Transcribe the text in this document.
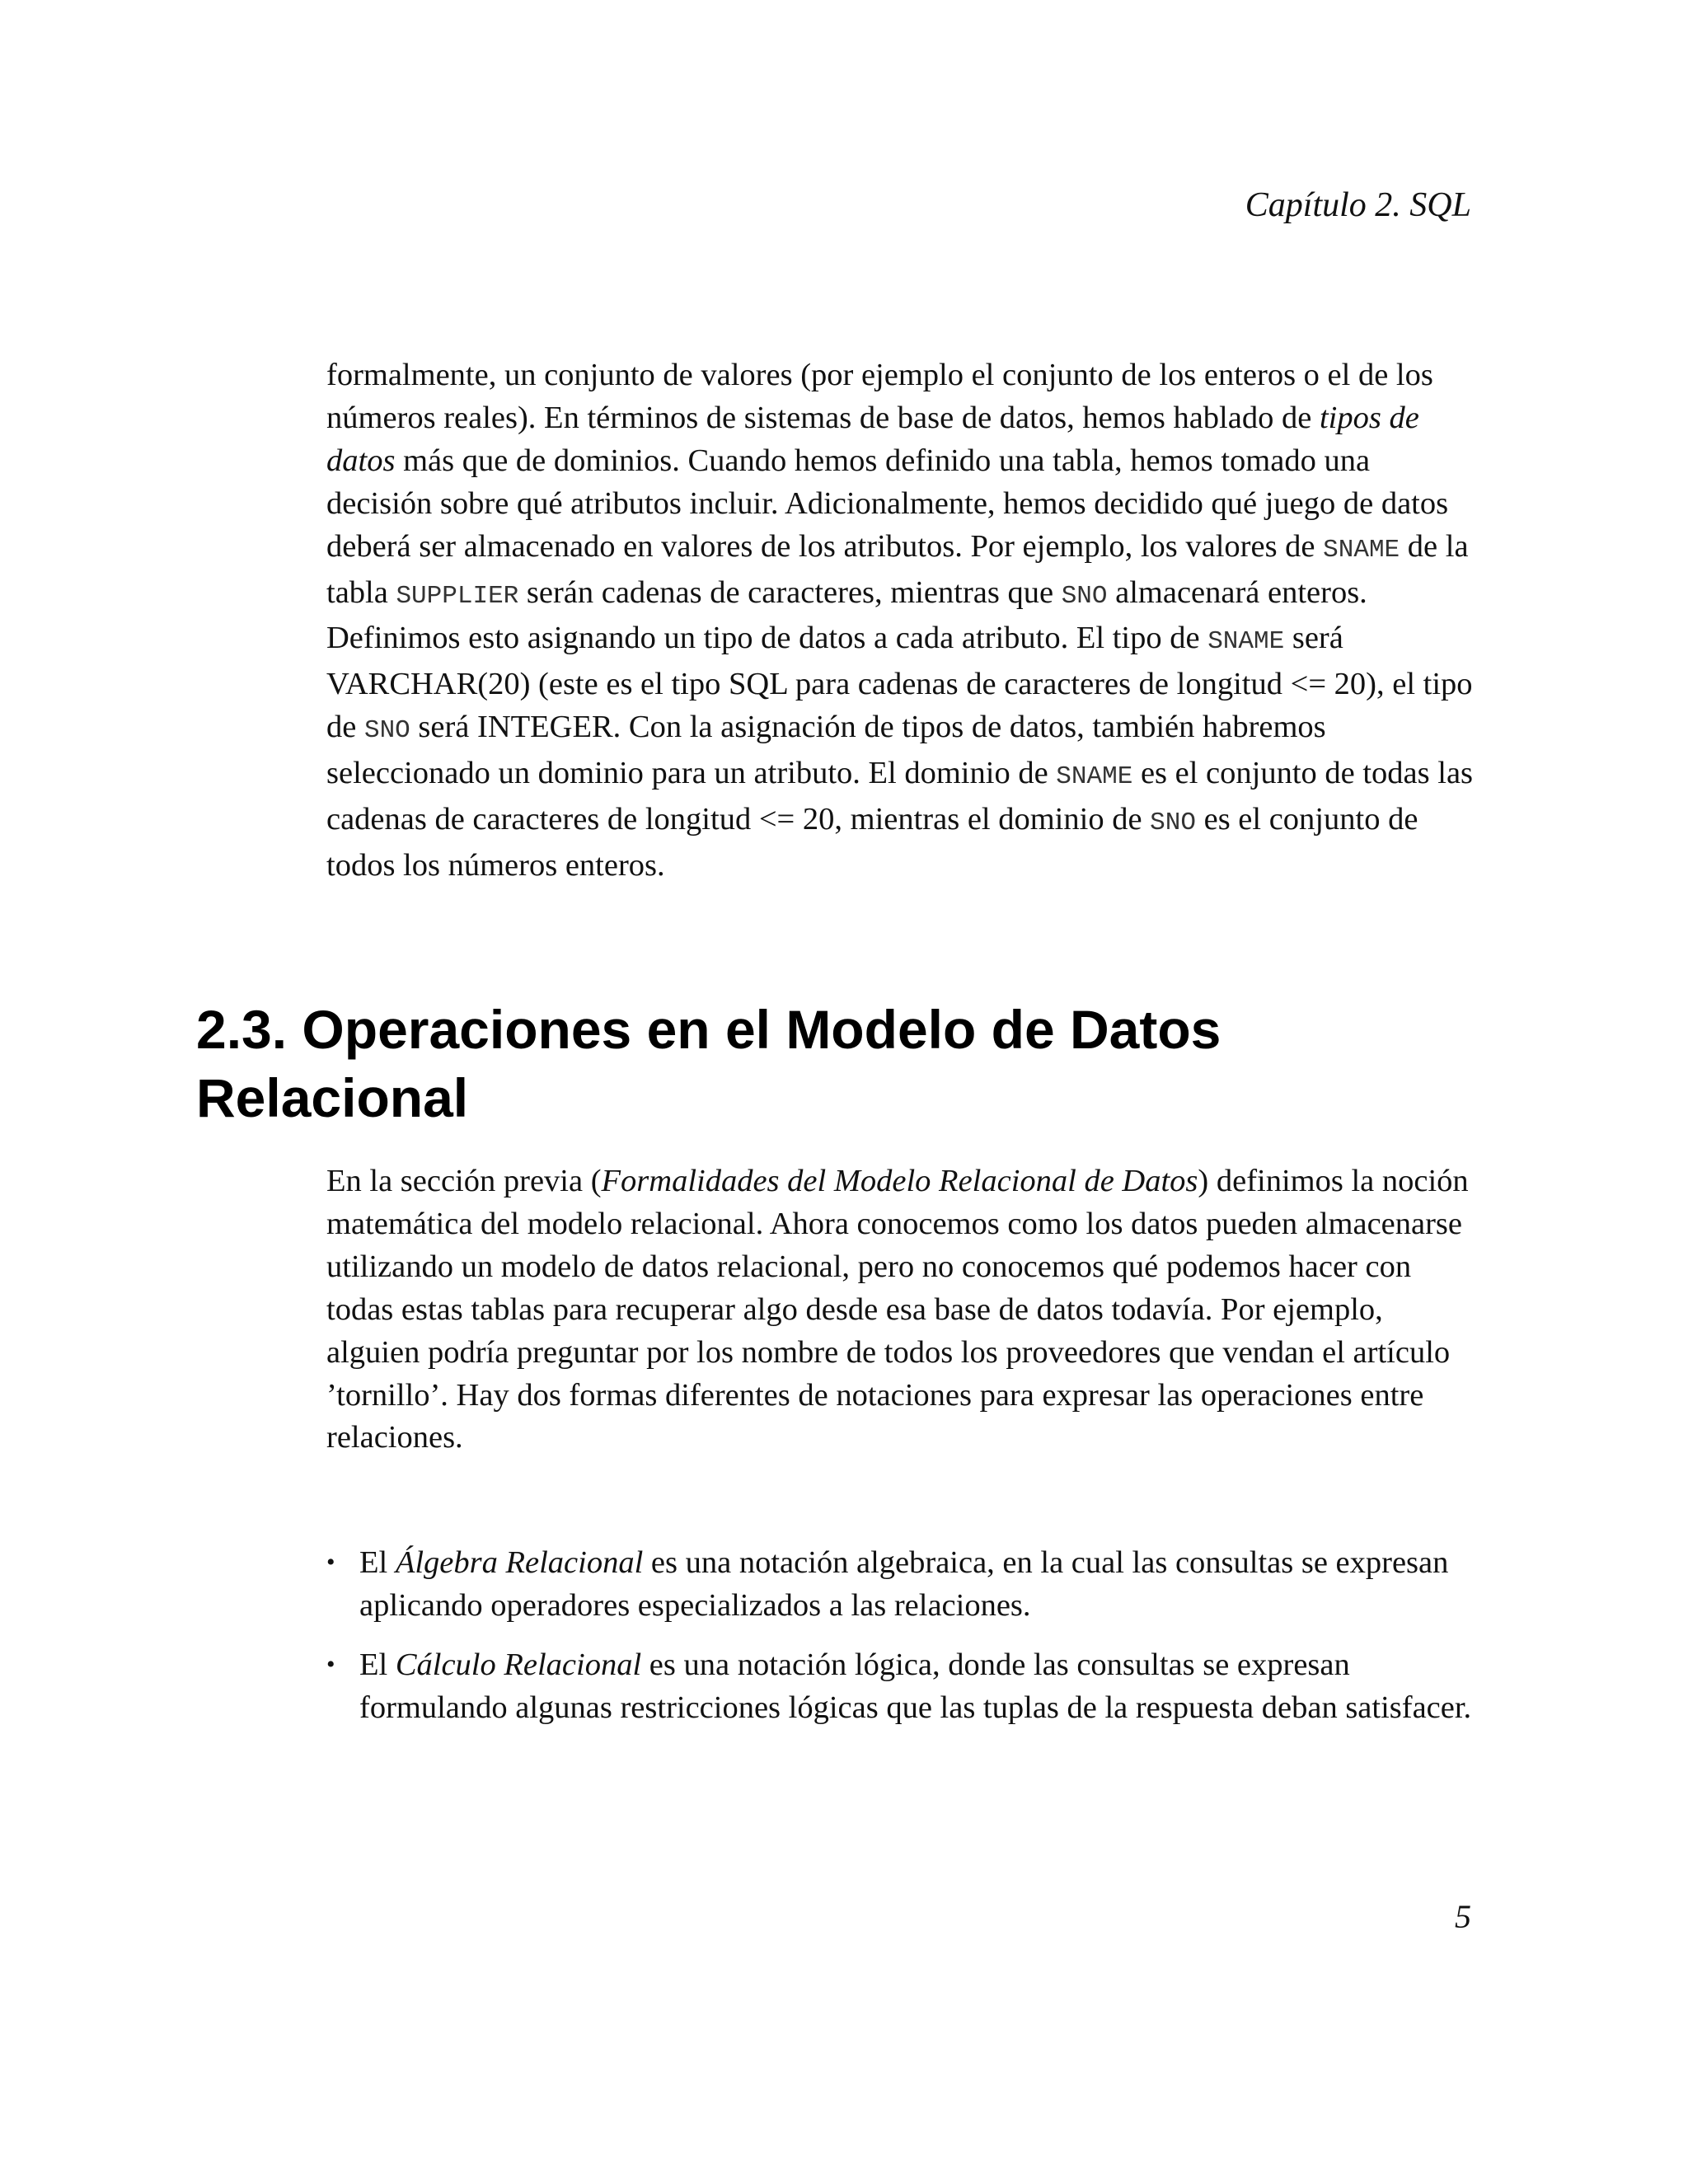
Capítulo 2. SQL

formalmente, un conjunto de valores (por ejemplo el conjunto de los enteros o el de los números reales). En términos de sistemas de base de datos, hemos hablado de tipos de datos más que de dominios. Cuando hemos definido una tabla, hemos tomado una decisión sobre qué atributos incluir. Adicionalmente, hemos decidido qué juego de datos deberá ser almacenado en valores de los atributos. Por ejemplo, los valores de SNAME de la tabla SUPPLIER serán cadenas de caracteres, mientras que SNO almacenará enteros. Definimos esto asignando un tipo de datos a cada atributo. El tipo de SNAME será VARCHAR(20) (este es el tipo SQL para cadenas de caracteres de longitud <= 20), el tipo de SNO será INTEGER. Con la asignación de tipos de datos, también habremos seleccionado un dominio para un atributo. El dominio de SNAME es el conjunto de todas las cadenas de caracteres de longitud <= 20, mientras el dominio de SNO es el conjunto de todos los números enteros.

2.3. Operaciones en el Modelo de Datos Relacional

En la sección previa (Formalidades del Modelo Relacional de Datos) definimos la noción matemática del modelo relacional. Ahora conocemos como los datos pueden almacenarse utilizando un modelo de datos relacional, pero no conocemos qué podemos hacer con todas estas tablas para recuperar algo desde esa base de datos todavía. Por ejemplo, alguien podría preguntar por los nombre de todos los proveedores que vendan el artículo ’tornillo’. Hay dos formas diferentes de notaciones para expresar las operaciones entre relaciones.

• El Álgebra Relacional es una notación algebraica, en la cual las consultas se expresan aplicando operadores especializados a las relaciones.
• El Cálculo Relacional es una notación lógica, donde las consultas se expresan formulando algunas restricciones lógicas que las tuplas de la respuesta deban satisfacer.
5
